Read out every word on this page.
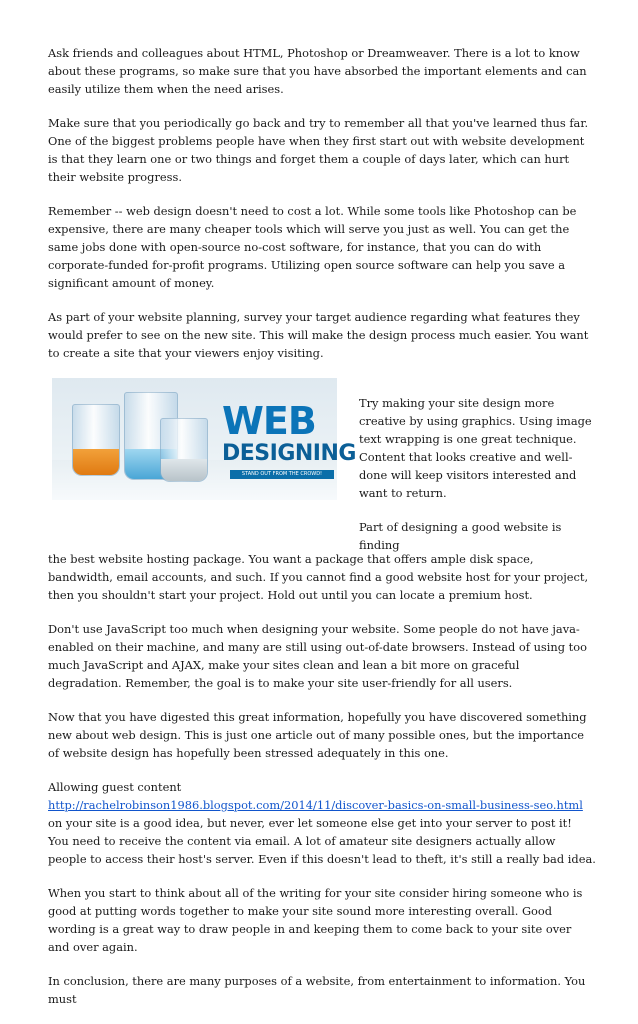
Ask friends and colleagues about HTML, Photoshop or Dreamweaver. There is a lot to know about these programs, so make sure that you have absorbed the important elements and can easily utilize them when the need arises.

Make sure that you periodically go back and try to remember all that you've learned thus far. One of the biggest problems people have when they first start out with website development is that they learn one or two things and forget them a couple of days later, which can hurt their website progress.

Remember -- web design doesn't need to cost a lot. While some tools like Photoshop can be expensive, there are many cheaper tools which will serve you just as well. You can get the same jobs done with open-source no-cost software, for instance, that you can do with corporate-funded for-profit programs. Utilizing open source software can help you save a significant amount of money.

As part of your website planning, survey your target audience regarding what features they would prefer to see on the new site. This will make the design process much easier. You want to create a site that your viewers enjoy visiting.

WEB
DESIGNING
STAND OUT FROM THE CROWD!

Try making your site design more creative by using graphics. Using image text wrapping is one great technique. Content that looks creative and well-done will keep visitors interested and want to return.

Part of designing a good website is finding

the best website hosting package. You want a package that offers ample disk space, bandwidth, email accounts, and such. If you cannot find a good website host for your project, then you shouldn't start your project. Hold out until you can locate a premium host.

Don't use JavaScript too much when designing your website. Some people do not have java-enabled on their machine, and many are still using out-of-date browsers. Instead of using too much JavaScript and AJAX, make your sites clean and lean a bit more on graceful degradation. Remember, the goal is to make your site user-friendly for all users.

Now that you have digested this great information, hopefully you have discovered something new about web design. This is just one article out of many possible ones, but the importance of website design has hopefully been stressed adequately in this one.

Allowing guest content
http://rachelrobinson1986.blogspot.com/2014/11/discover-basics-on-small-business-seo.html on your site is a good idea, but never, ever let someone else get into your server to post it! You need to receive the content via email. A lot of amateur site designers actually allow people to access their host's server. Even if this doesn't lead to theft, it's still a really bad idea.

When you start to think about all of the writing for your site consider hiring someone who is good at putting words together to make your site sound more interesting overall. Good wording is a great way to draw people in and keeping them to come back to your site over and over again.

In conclusion, there are many purposes of a website, from entertainment to information. You must
